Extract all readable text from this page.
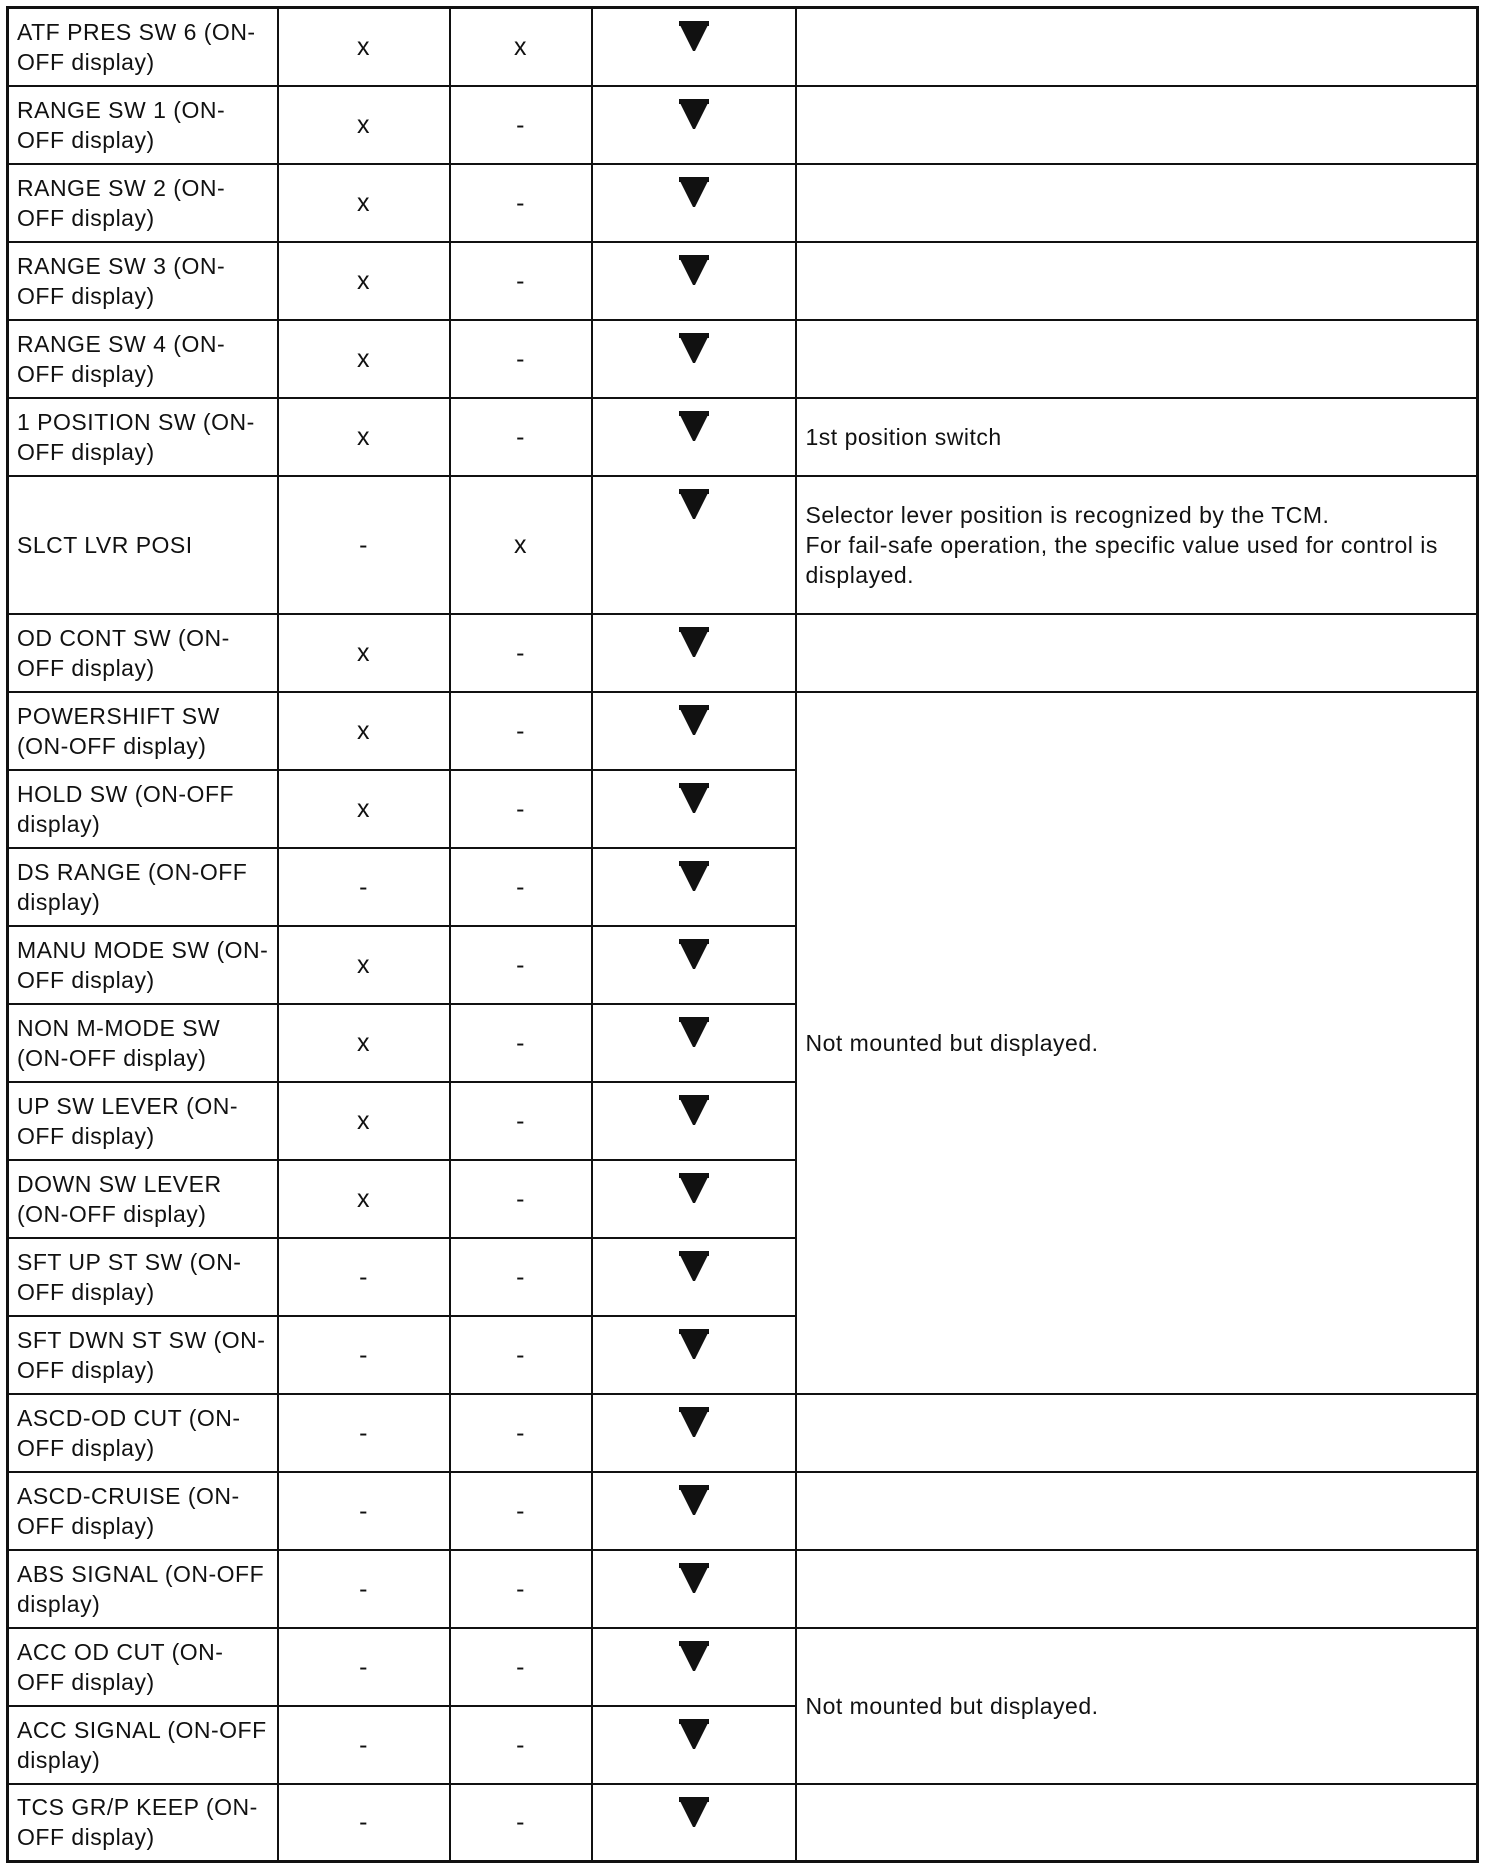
ATF PRES SW 6 (ON-OFF display)	x	x		
RANGE SW 1 (ON-OFF display)	x	-		
RANGE SW 2 (ON-OFF display)	x	-		
RANGE SW 3 (ON-OFF display)	x	-		
RANGE SW 4 (ON-OFF display)	x	-		
1 POSITION SW (ON-OFF display)	x	-		1st position switch

SLCT LVR POSI	-	x		Selector lever position is recognized by the TCM.
For fail-safe operation, the specific value used for control is displayed.

OD CONT SW (ON-OFF display)	x	-		
POWERSHIFT SW (ON-OFF display)	x	-		Not mounted but displayed.

HOLD SW (ON-OFF display)	x	-	
DS RANGE (ON-OFF display)	-	-	
MANU MODE SW (ON-OFF display)	x	-	
NON M-MODE SW (ON-OFF display)	x	-	
UP SW LEVER (ON-OFF display)	x	-	
DOWN SW LEVER (ON-OFF display)	x	-	
SFT UP ST SW (ON-OFF display)	-	-	
SFT DWN ST SW (ON-OFF display)	-	-	
ASCD-OD CUT (ON-OFF display)	-	-		
ASCD-CRUISE (ON-OFF display)	-	-		
ABS SIGNAL (ON-OFF display)	-	-		
ACC OD CUT (ON-OFF display)	-	-		Not mounted but displayed.

ACC SIGNAL (ON-OFF display)	-	-	
TCS GR/P KEEP (ON-OFF display)	-	-		
